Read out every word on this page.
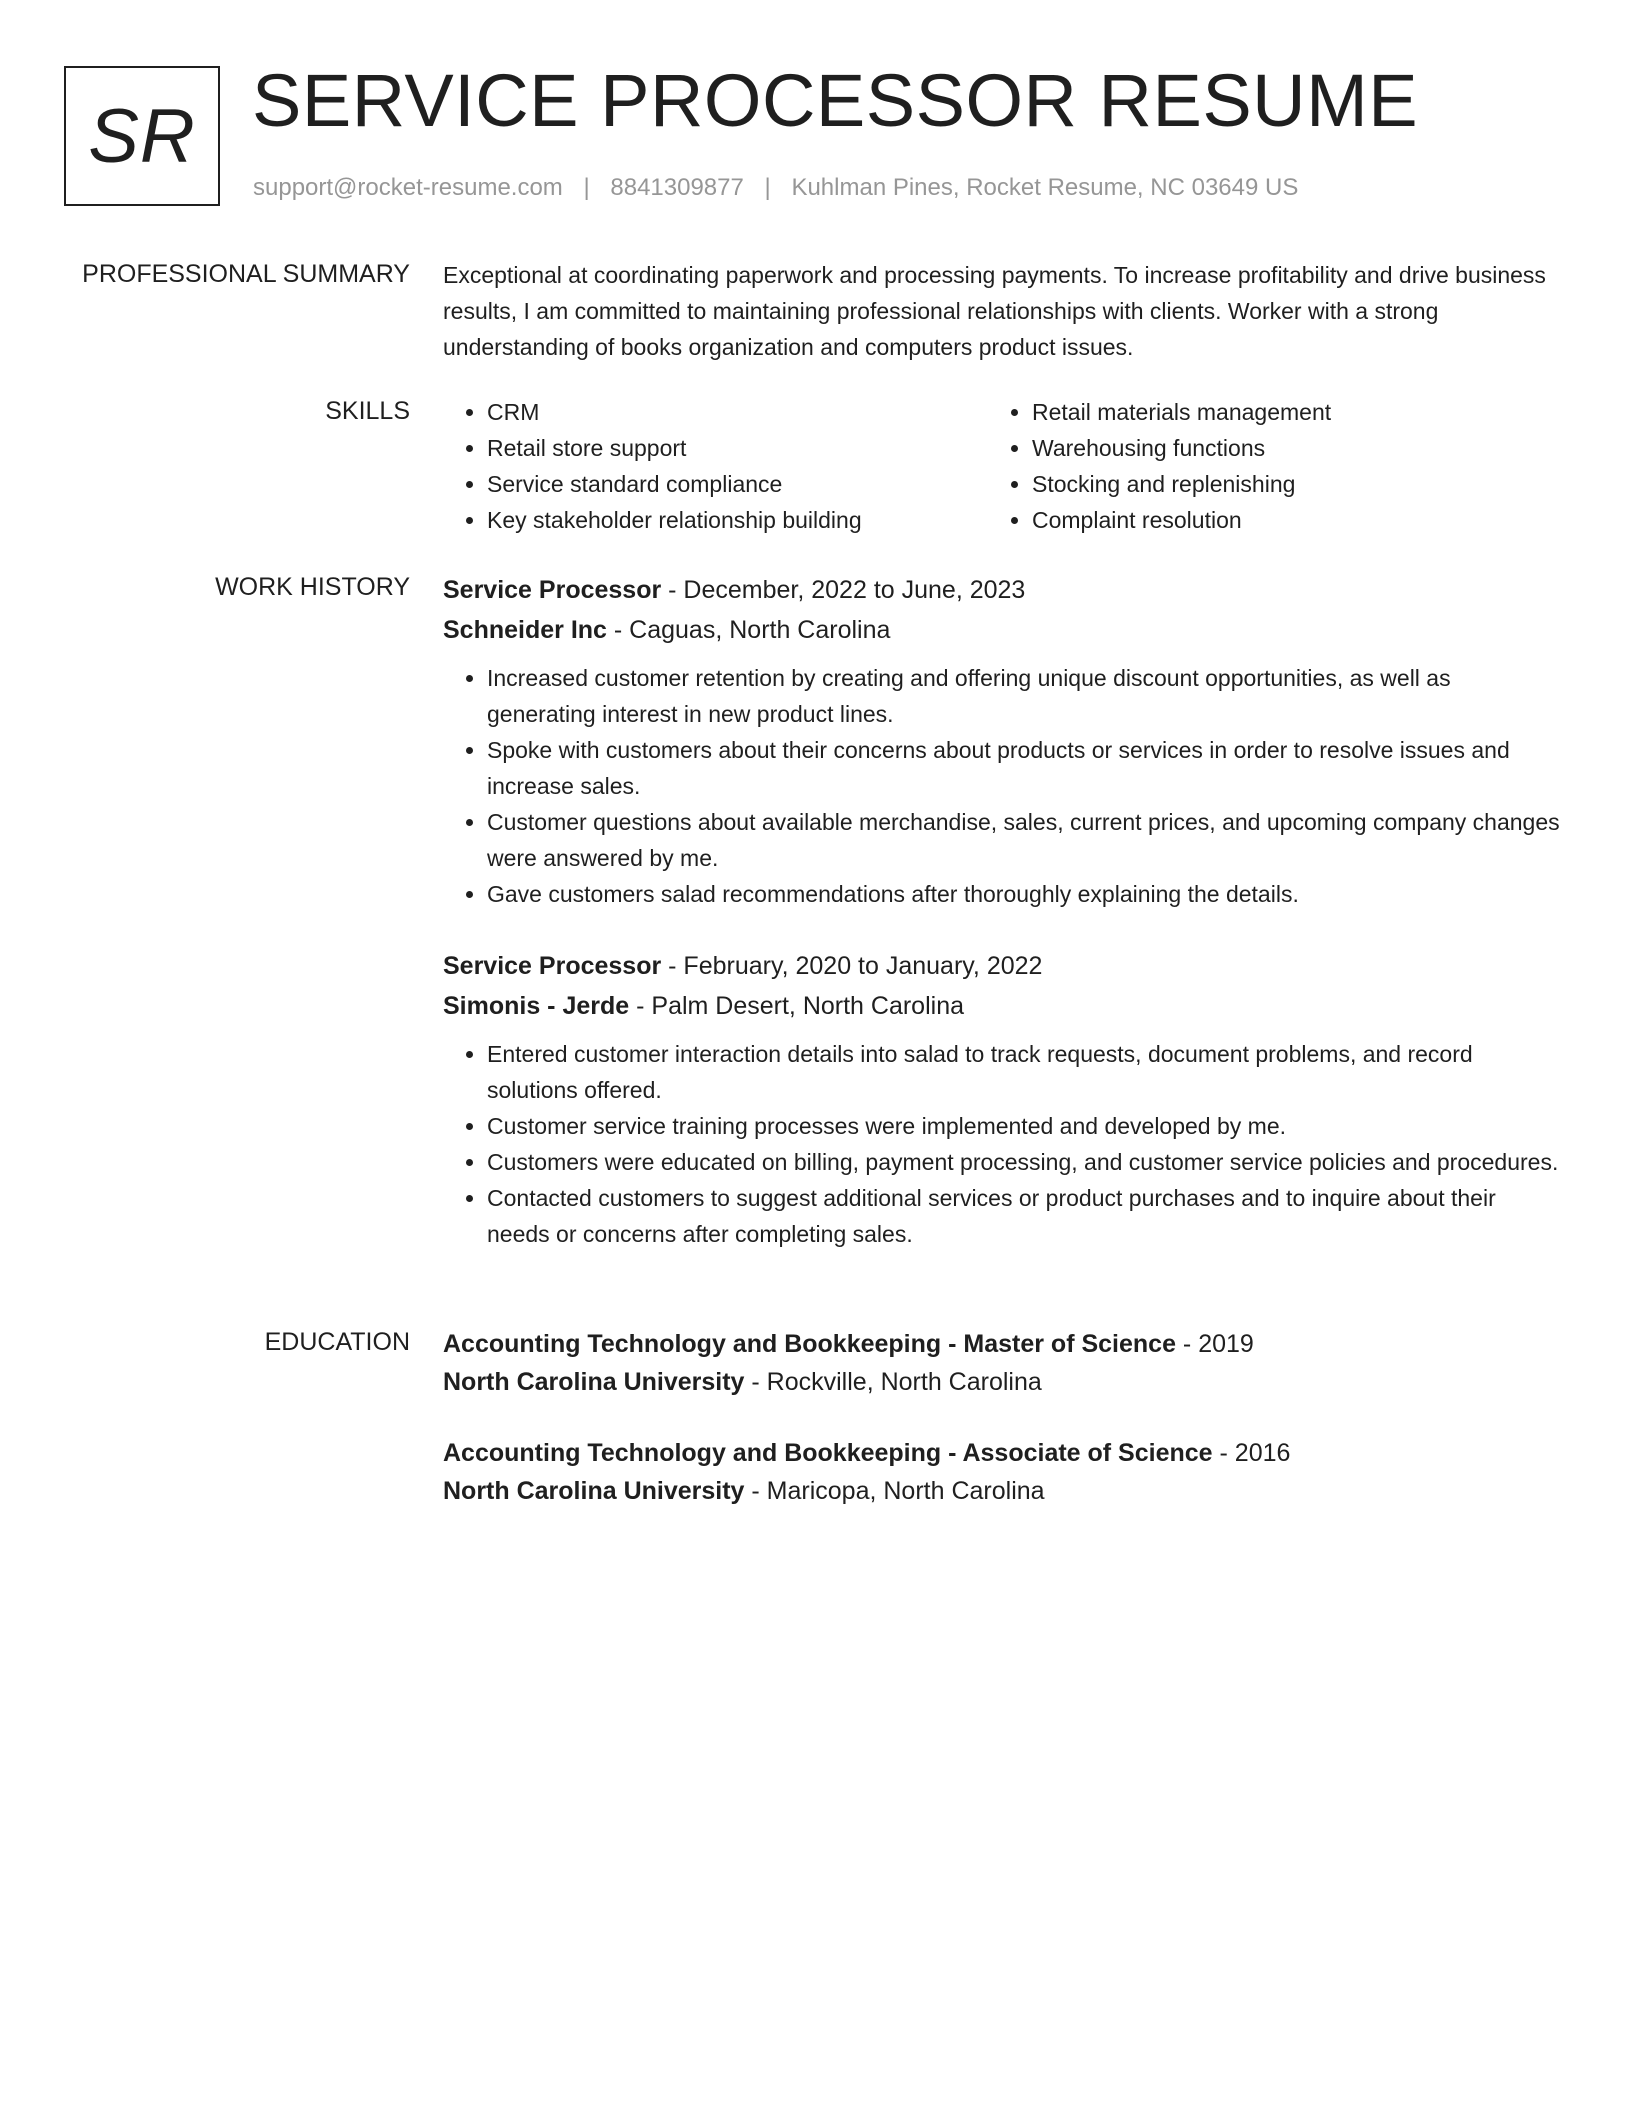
SR SERVICE PROCESSOR RESUME
support@rocket-resume.com | 8841309877 | Kuhlman Pines, Rocket Resume, NC 03649 US
PROFESSIONAL SUMMARY Exceptional at coordinating paperwork and processing payments. To increase profitability and drive business results, I am committed to maintaining professional relationships with clients. Worker with a strong understanding of books organization and computers product issues.

SKILLS
•	CRM
• Retail store support
• Service standard compliance
• Key stakeholder relationship building
• Retail materials management
• Warehousing functions
• Stocking and replenishing
• Complaint resolution
WORK HISTORY Service Processor - December, 2022 to June, 2023
Schneider Inc - Caguas, North Carolina
• Increased customer retention by creating and offering unique discount opportunities, as well as generating interest in new product lines.
• Spoke with customers about their concerns about products or services in order to resolve issues and increase sales.
• Customer questions about available merchandise, sales, current prices, and upcoming company changes were answered by me.
• Gave customers salad recommendations after thoroughly explaining the details.
Service Processor - February, 2020 to January, 2022
Simonis - Jerde - Palm Desert, North Carolina
• Entered customer interaction details into salad to track requests, document problems, and record solutions offered.
• Customer service training processes were implemented and developed by me.
• Customers were educated on billing, payment processing, and customer service policies and procedures.
• Contacted customers to suggest additional services or product purchases and to inquire about their needs or concerns after completing sales.
EDUCATION Accounting Technology and Bookkeeping - Master of Science - 2019
North Carolina University - Rockville, North Carolina
Accounting Technology and Bookkeeping - Associate of Science - 2016
North Carolina University - Maricopa, North Carolina
